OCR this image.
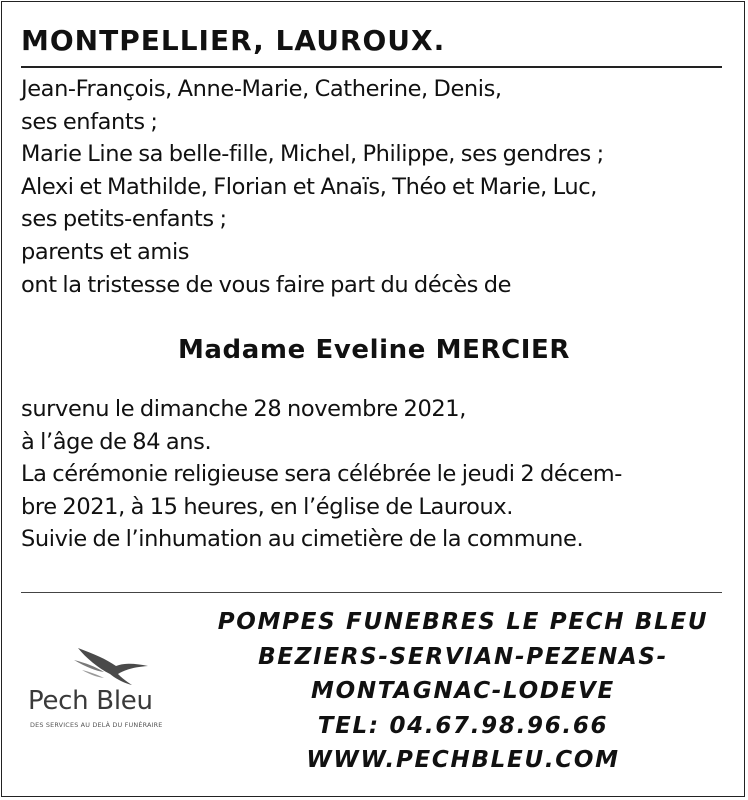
MONTPELLIER, LAUROUX.
Jean-François, Anne-Marie, Catherine, Denis,
ses enfants ;
Marie Line sa belle-fille, Michel, Philippe, ses gendres ;
Alexi et Mathilde, Florian et Anaïs, Théo et Marie, Luc,
ses petits-enfants ;
parents et amis
ont la tristesse de vous faire part du décès de
Madame Eveline MERCIER
survenu le dimanche 28 novembre 2021,
à l’âge de 84 ans.
La cérémonie religieuse sera célébrée le jeudi 2 décem-
bre 2021, à 15 heures, en l’église de Lauroux.
Suivie de l’inhumation au cimetière de la commune.
Pech Bleu
DES SERVICES AU DELÀ DU FUNÉRAIRE
POMPES FUNEBRES LE PECH BLEU
BEZIERS-SERVIAN-PEZENAS-
MONTAGNAC-LODEVE
TEL: 04.67.98.96.66
WWW.PECHBLEU.COM
